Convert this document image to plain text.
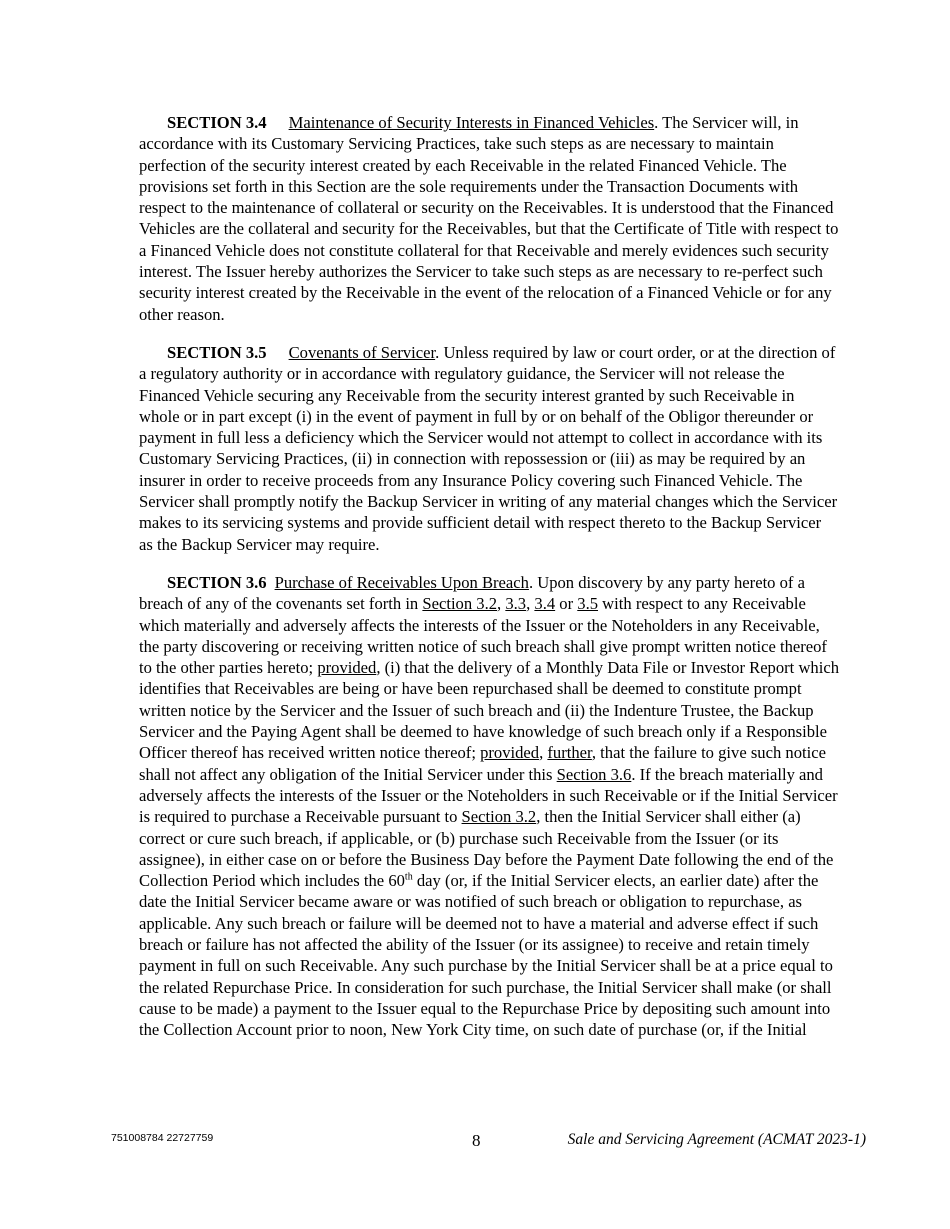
SECTION 3.4 Maintenance of Security Interests in Financed Vehicles. The Servicer will, in accordance with its Customary Servicing Practices, take such steps as are necessary to maintain perfection of the security interest created by each Receivable in the related Financed Vehicle. The provisions set forth in this Section are the sole requirements under the Transaction Documents with respect to the maintenance of collateral or security on the Receivables. It is understood that the Financed Vehicles are the collateral and security for the Receivables, but that the Certificate of Title with respect to a Financed Vehicle does not constitute collateral for that Receivable and merely evidences such security interest. The Issuer hereby authorizes the Servicer to take such steps as are necessary to re-perfect such security interest created by the Receivable in the event of the relocation of a Financed Vehicle or for any other reason.

SECTION 3.5 Covenants of Servicer. Unless required by law or court order, or at the direction of a regulatory authority or in accordance with regulatory guidance, the Servicer will not release the Financed Vehicle securing any Receivable from the security interest granted by such Receivable in whole or in part except (i) in the event of payment in full by or on behalf of the Obligor thereunder or payment in full less a deficiency which the Servicer would not attempt to collect in accordance with its Customary Servicing Practices, (ii) in connection with repossession or (iii) as may be required by an insurer in order to receive proceeds from any Insurance Policy covering such Financed Vehicle. The Servicer shall promptly notify the Backup Servicer in writing of any material changes which the Servicer makes to its servicing systems and provide sufficient detail with respect thereto to the Backup Servicer as the Backup Servicer may require.

SECTION 3.6 Purchase of Receivables Upon Breach. Upon discovery by any party hereto of a breach of any of the covenants set forth in Section 3.2, 3.3, 3.4 or 3.5 with respect to any Receivable which materially and adversely affects the interests of the Issuer or the Noteholders in any Receivable, the party discovering or receiving written notice of such breach shall give prompt written notice thereof to the other parties hereto; provided, (i) that the delivery of a Monthly Data File or Investor Report which identifies that Receivables are being or have been repurchased shall be deemed to constitute prompt written notice by the Servicer and the Issuer of such breach and (ii) the Indenture Trustee, the Backup Servicer and the Paying Agent shall be deemed to have knowledge of such breach only if a Responsible Officer thereof has received written notice thereof; provided, further, that the failure to give such notice shall not affect any obligation of the Initial Servicer under this Section 3.6. If the breach materially and adversely affects the interests of the Issuer or the Noteholders in such Receivable or if the Initial Servicer is required to purchase a Receivable pursuant to Section 3.2, then the Initial Servicer shall either (a) correct or cure such breach, if applicable, or (b) purchase such Receivable from the Issuer (or its assignee), in either case on or before the Business Day before the Payment Date following the end of the Collection Period which includes the 60th day (or, if the Initial Servicer elects, an earlier date) after the date the Initial Servicer became aware or was notified of such breach or obligation to repurchase, as applicable. Any such breach or failure will be deemed not to have a material and adverse effect if such breach or failure has not affected the ability of the Issuer (or its assignee) to receive and retain timely payment in full on such Receivable. Any such purchase by the Initial Servicer shall be at a price equal to the related Repurchase Price. In consideration for such purchase, the Initial Servicer shall make (or shall cause to be made) a payment to the Issuer equal to the Repurchase Price by depositing such amount into the Collection Account prior to noon, New York City time, on such date of purchase (or, if the Initial

751008784 22727759	8	Sale and Servicing Agreement (ACMAT 2023-1)
